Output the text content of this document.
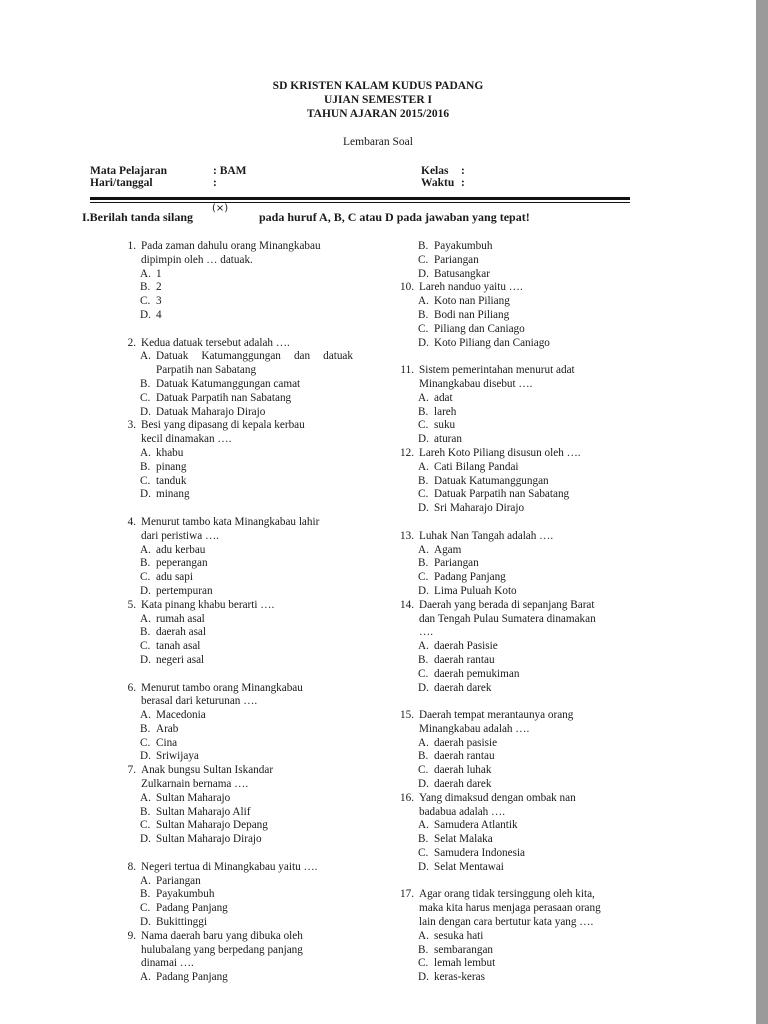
SD KRISTEN KALAM KUDUS PADANG
UJIAN SEMESTER I
TAHUN AJARAN 2015/2016
Lembaran Soal
Mata Pelajaran	: BAM
Hari/tanggal	:
Kelas :
Waktu :
I.Berilah tanda silang
(×)
pada huruf A, B, C atau D pada jawaban yang tepat!
1. Pada zaman dahulu orang Minangkabau
dipimpin oleh … datuak.
A. 1
B. 2
C. 3
D. 4
2. Kedua datuak tersebut adalah ….
A. Datuak Katumanggungan dan datuak Parpatih nan Sabatang
B. Datuak Katumanggungan camat
C. Datuak Parpatih nan Sabatang
D. Datuak Maharajo Dirajo
3. Besi yang dipasang di kepala kerbau
kecil dinamakan ….
A. khabu
B. pinang
C. tanduk
D. minang
4. Menurut tambo kata Minangkabau lahir
dari peristiwa ….
A. adu kerbau
B. peperangan
C. adu sapi
D. pertempuran
5. Kata pinang khabu berarti ….
A. rumah asal
B. daerah asal
C. tanah asal
D. negeri asal
6. Menurut tambo orang Minangkabau
berasal dari keturunan ….
A. Macedonia
B. Arab
C. Cina
D. Sriwijaya
7. Anak bungsu Sultan Iskandar
Zulkarnain bernama ….
A. Sultan Maharajo
B. Sultan Maharajo Alif
C. Sultan Maharajo Depang
D. Sultan Maharajo Dirajo
8. Negeri tertua di Minangkabau yaitu ….
A. Pariangan
B. Payakumbuh
C. Padang Panjang
D. Bukittinggi
9. Nama daerah baru yang dibuka oleh
hulubalang yang berpedang panjang
dinamai ….
A. Padang Panjang
B. Payakumbuh
C. Pariangan
D. Batusangkar
10. Lareh nanduo yaitu ….
A. Koto nan Piliang
B. Bodi nan Piliang
C. Piliang dan Caniago
D. Koto Piliang dan Caniago
11. Sistem pemerintahan menurut adat
Minangkabau disebut ….
A. adat
B. lareh
C. suku
D. aturan
12. Lareh Koto Piliang disusun oleh ….
A. Cati Bilang Pandai
B. Datuak Katumanggungan
C. Datuak Parpatih nan Sabatang
D. Sri Maharajo Dirajo
13. Luhak Nan Tangah adalah ….
A. Agam
B. Pariangan
C. Padang Panjang
D. Lima Puluah Koto
14. Daerah yang berada di sepanjang Barat
dan Tengah Pulau Sumatera dinamakan
….
A. daerah Pasisie
B. daerah rantau
C. daerah pemukiman
D. daerah darek
15. Daerah tempat merantaunya orang
Minangkabau adalah ….
A. daerah pasisie
B. daerah rantau
C. daerah luhak
D. daerah darek
16. Yang dimaksud dengan ombak nan
badabua adalah ….
A. Samudera Atlantik
B. Selat Malaka
C. Samudera Indonesia
D. Selat Mentawai
17. Agar orang tidak tersinggung oleh kita,
maka kita harus menjaga perasaan orang
lain dengan cara bertutur kata yang ….
A. sesuka hati
B. sembarangan
C. lemah lembut
D. keras-keras
